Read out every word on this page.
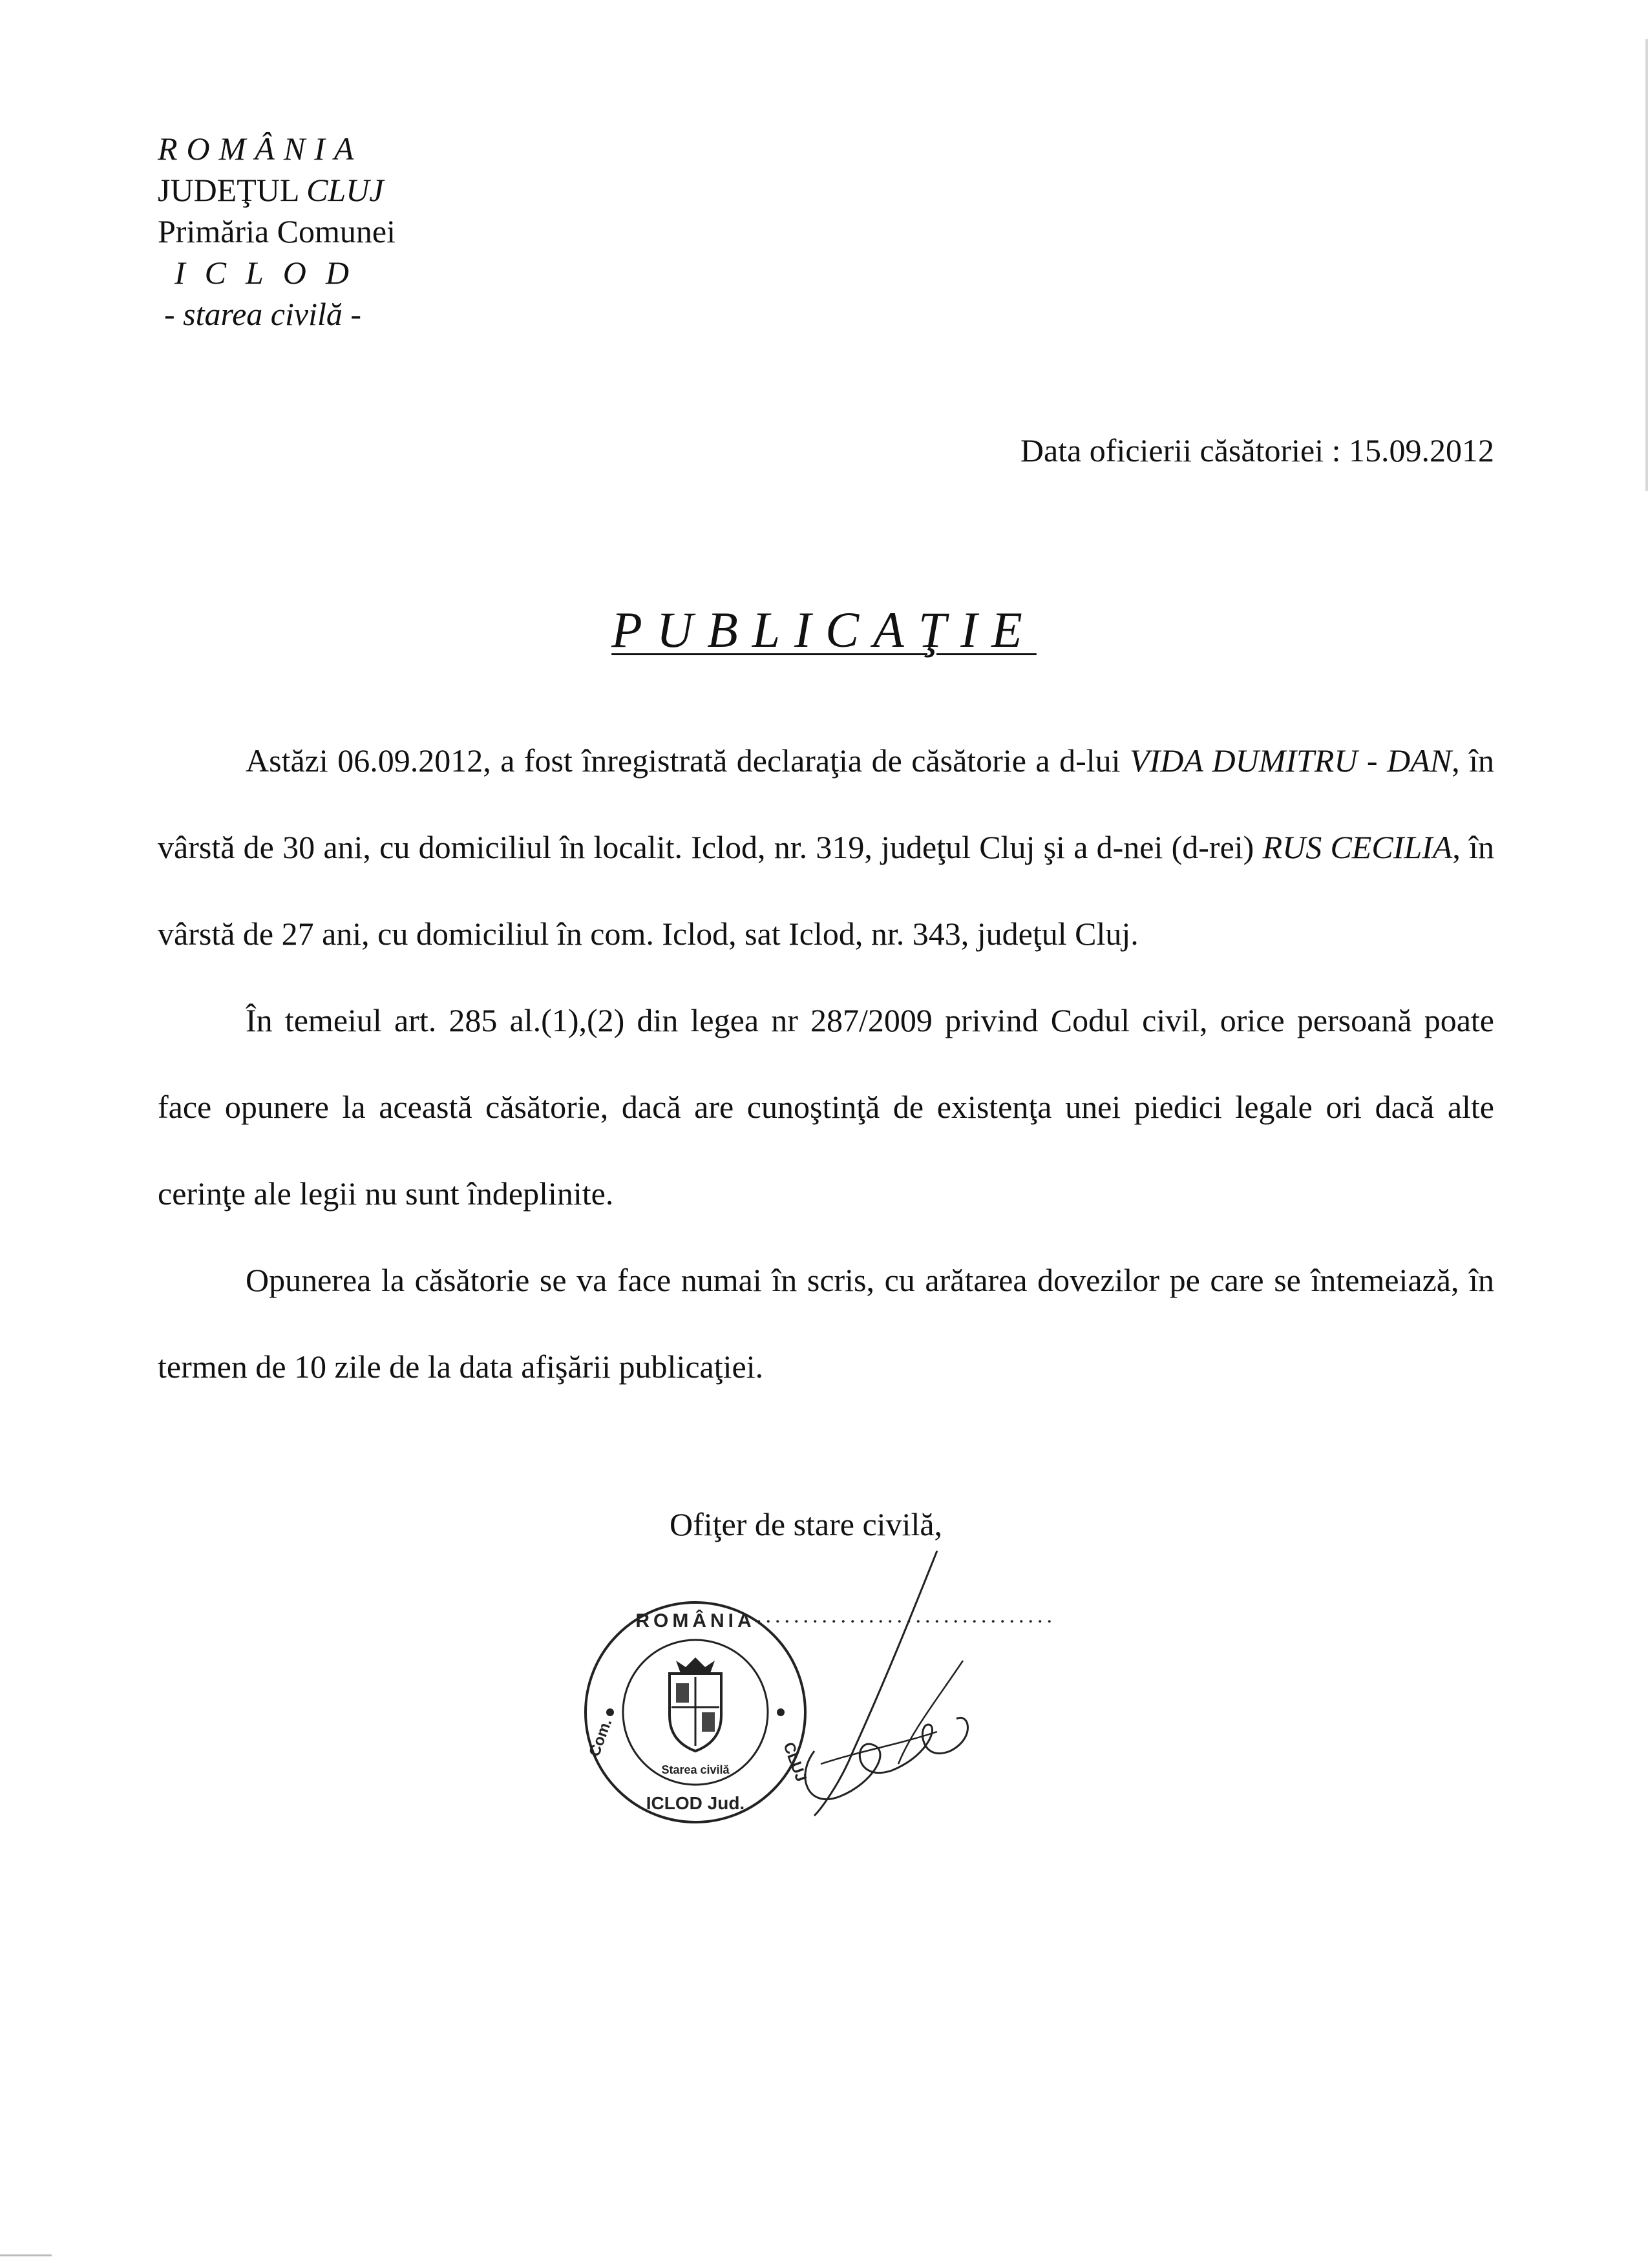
ROMÂNIA
JUDEŢUL CLUJ
Primăria Comunei
ICLOD
- starea civilă -
Data oficierii căsătoriei : 15.09.2012
PUBLICAŢIE

Astăzi 06.09.2012, a fost înregistrată declaraţia de căsătorie a d-lui VIDA DUMITRU - DAN, în vârstă de 30 ani, cu domiciliul în localit. Iclod, nr. 319, judeţul Cluj şi a d-nei (d-rei) RUS CECILIA, în vârstă de 27 ani, cu domiciliul în com. Iclod, sat Iclod, nr. 343, judeţul Cluj.

În temeiul art. 285 al.(1),(2) din legea nr 287/2009 privind Codul civil, orice persoană poate face opunere la această căsătorie, dacă are cunoştinţă de existenţa unei piedici legale ori dacă alte cerinţe ale legii nu sunt îndeplinite.

Opunerea la căsătorie se va face numai în scris, cu arătarea dovezilor pe care se întemeiază, în termen de 10 zile de la data afişării publicaţiei.

Ofiţer de stare civilă,
................................
ROMÂNIA
ICLOD Jud.
Com.
CLUJ
Starea civilă
